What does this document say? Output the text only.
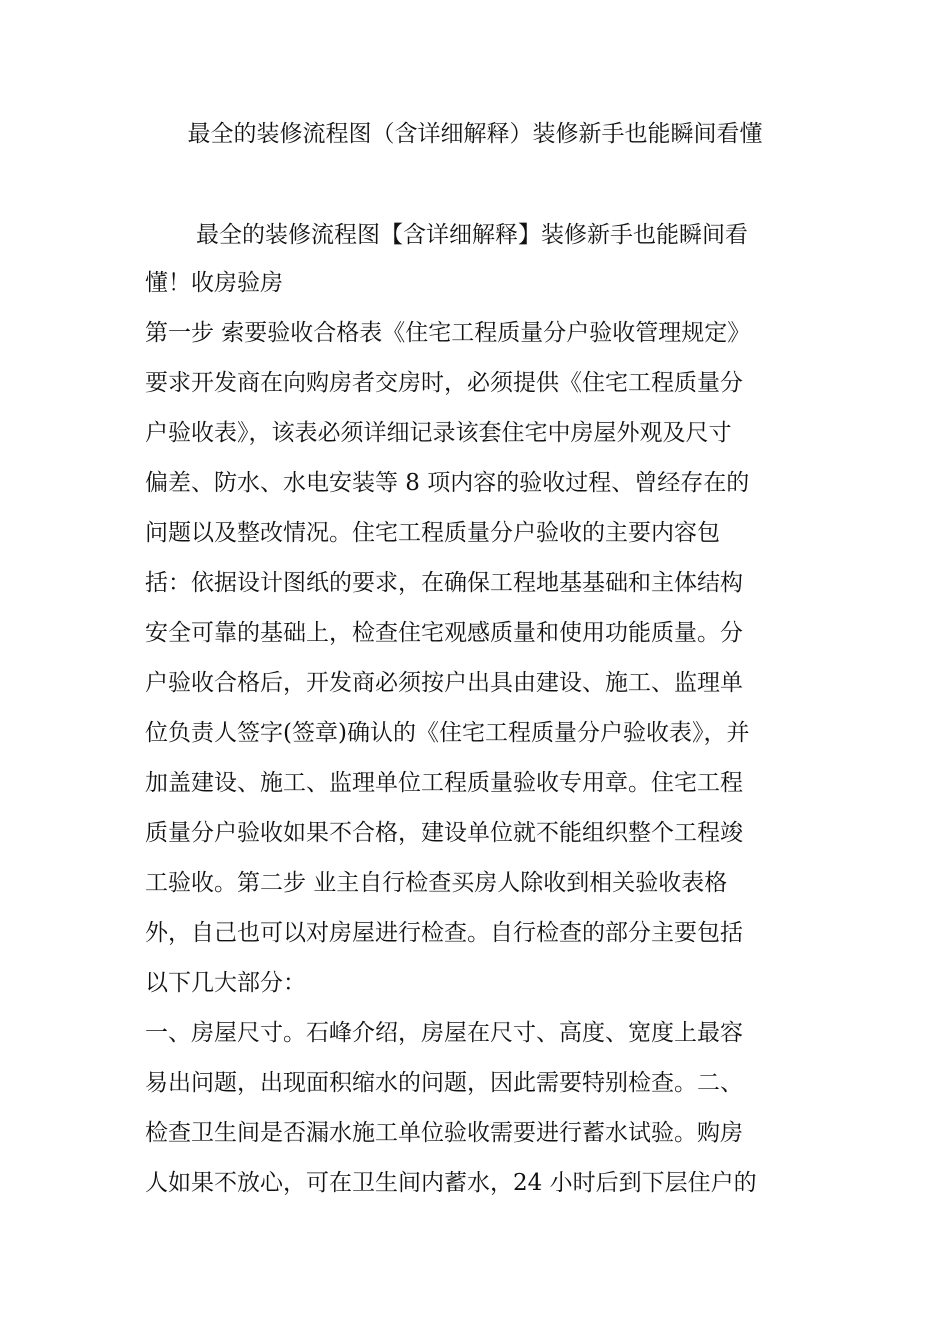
最全的装修流程图（含详细解释）装修新手也能瞬间看懂
最全的装修流程图【含详细解释】装修新手也能瞬间看
懂！收房验房
第一步 索要验收合格表《住宅工程质量分户验收管理规定》
要求开发商在向购房者交房时，必须提供《住宅工程质量分
户验收表》，该表必须详细记录该套住宅中房屋外观及尺寸
偏差、防水、水电安装等 8 项内容的验收过程、曾经存在的
问题以及整改情况。住宅工程质量分户验收的主要内容包
括：依据设计图纸的要求，在确保工程地基基础和主体结构
安全可靠的基础上，检查住宅观感质量和使用功能质量。分
户验收合格后，开发商必须按户出具由建设、施工、监理单
位负责人签字(签章)确认的《住宅工程质量分户验收表》，并
加盖建设、施工、监理单位工程质量验收专用章。住宅工程
质量分户验收如果不合格，建设单位就不能组织整个工程竣
工验收。第二步 业主自行检查买房人除收到相关验收表格
外，自己也可以对房屋进行检查。自行检查的部分主要包括
以下几大部分：
一、房屋尺寸。石峰介绍，房屋在尺寸、高度、宽度上最容
易出问题，出现面积缩水的问题，因此需要特别检查。二、
检查卫生间是否漏水施工单位验收需要进行蓄水试验。购房
人如果不放心，可在卫生间内蓄水，24 小时后到下层住户的
